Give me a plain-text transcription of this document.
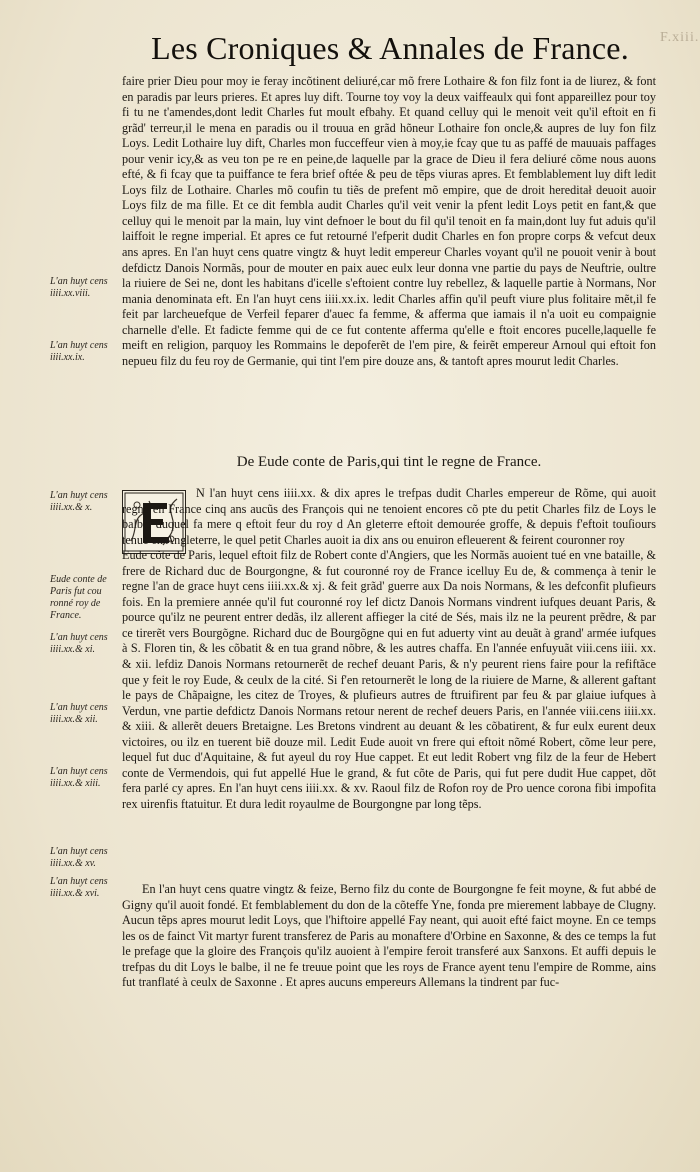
F.xiii.
Les Croniques & Annales de France.

faire prier Dieu pour moy ie feray incõtinent deliuré,car mõ frere Lothaire & fon filz font ia de liurez, & font en paradis par leurs prieres. Et apres luy dift. Tourne toy voy la deux vaiffeaulx qui font appareillez pour toy fi tu ne t'amendes,dont ledit Charles fut moult efbahy. Et quand celluy qui le menoit veit qu'il eftoit en fi grãd' terreur,il le mena en paradis ou il trouua en grãd hõneur Lothaire fon oncle,& aupres de luy fon filz Loys. Ledit Lothaire luy dift, Charles mon fucceffeur vien à moy,ie fcay que tu as paffé de mauuais paffages pour venir icy,& as veu ton pe re en peine,de laquelle par la grace de Dieu il fera deliuré cõme nous auons efté, & fi fcay que ta puiffance te fera brief oftée & peu de tẽps viuras apres. Et femblablement luy dift ledit Loys filz de Lothaire. Charles mõ coufin tu tiẽs de prefent mõ empire, que de droit hereditał deuoit auoir Loys filz de ma fille. Et ce dit fembla audit Charles qu'il veit venir la pfent ledit Loys petit en fant,& que celluy qui le menoit par la main, luy vint defnoer le bout du fil qu'il tenoit en fa main,dont luy fut aduis qu'il laiffoit le regne imperial. Et apres ce fut retourné l'efperit dudit Charles en fon propre corps & vefcut deux ans apres. En l'an huyt cens quatre vingtz & huyt ledit empereur Charles voyant qu'il ne pouoit venir à bout defdictz Danois Normãs, pour de mouter en paix auec eulx leur donna vne partie du pays de Neuftrie, oultre la riuiere de Sei ne, dont les habitans d'icelle s'eftoient contre luy rebellez, & laquelle partie à Normans, Nor mania denominata eft. En l'an huyt cens iiii.xx.ix. ledit Charles affin qu'il peuft viure plus folitaire mẽt,il fe feit par larcheuefque de Verfeil feparer d'auec fa femme, & afferma que iamais il n'a uoit eu compaignie charnelle d'elle. Et fadicte femme qui de ce fut contente afferma qu'elle e ftoit encores pucelle,laquelle fe meift en religion, parquoy les Rommains le depoferẽt de l'em pire, & feirẽt empereur Arnoul qui eftoit fon nepueu filz du feu roy de Germanie, qui tint l'em pire douze ans, & tantoft apres mourut ledit Charles.

De Eude conte de Paris,qui tint le regne de France.

N l'an huyt cens iiii.xx. & dix apres le trefpas dudit Charles empereur de Rõme, qui auoit regné en France cinq ans aucũs des François qui ne tenoient encores cõ pte du petit Charles filz de Loys le balbe, duquel fa mere q eftoit feur du roy d An gleterre eftoit demourée groffe, & depuis f'eftoit touſiours tenue en Angleterre, le quel petit Charles auoit ia dix ans ou enuiron efleuerent & feirent couronner roy

Eude cõte de Paris, lequel eftoit filz de Robert conte d'Angiers, que les Normãs auoient tué en vne bataille, & frere de Richard duc de Bourgongne, & fut couronné roy de France icelluy Eu de, & commença à tenir le regne l'an de grace huyt cens iiii.xx.& xj. & feit grãd' guerre aux Da nois Normans, & les defconfit plufieurs fois. En la premiere année qu'il fut couronné roy lef dictz Danois Normans vindrent iufques deuant Paris, & pource qu'ilz ne peurent entrer dedãs, ilz allerent affieger la cité de Sés, mais ilz ne la peurent prẽdre, & par ce tirerẽt vers Bourgõgne. Richard duc de Bourgõgne qui en fut aduerty vint au deuãt à grand' armée iufques à S. Floren tin, & les cõbatit & en tua grand nõbre, & les autres chaffa. En l'année enfuyuãt viii.cens iiii. xx. & xii. lefdiz Danois Normans retournerẽt de rechef deuant Paris, & n'y peurent riens faire pour la refiftãce que y feit le roy Eude, & ceulx de la cité. Si f'en retournerẽt le long de la riuiere de Marne, & allerent gaftant le pays de Chãpaigne, les citez de Troyes, & plufieurs autres de ftruifirent par feu & par glaiue iufques à Verdun, vne partie defdictz Danois Normans retour nerent de rechef deuers Paris, en l'année viii.cens iiii.xx. & xiii. & allerẽt deuers Bretaigne. Les Bretons vindrent au deuant & les cõbatirent, & fur eulx eurent deux victoires, ou ilz en tuerent biẽ douze mil. Ledit Eude auoit vn frere qui eftoit nõmé Robert, cõme leur pere, lequel fut duc d'Aquitaine, & fut ayeul du roy Hue cappet. Et eut ledit Robert vng filz de la feur de Hebert conte de Vermendois, qui fut appellé Hue le grand, & fut cõte de Paris, qui fut pere dudit Hue cappet, dõt fera parlé cy apres. En l'an huyt cens iiii.xx. & xv. Raoul filz de Rofon roy de Pro uence corona fibi impofita rex uirenfis ftatuitur. Et dura ledit royaulme de Bourgongne par long tẽps.

En l'an huyt cens quatre vingtz & feize, Berno filz du conte de Bourgongne fe feit moyne, & fut abbé de Gigny qu'il auoit fondé. Et femblablement du don de la cõteffe Yne, fonda pre mierement labbaye de Clugny. Aucun tẽps apres mourut ledit Loys, que l'hiftoire appellé Fay neant, qui auoit efté faict moyne. En ce temps les os de fainct Vit martyr furent transferez de Paris au monaftere d'Orbine en Saxonne, & des ce temps la fut le prefage que la gloire des François qu'ilz auoient à l'empire feroit transferé aux Sanxons. Et auffi depuis le trefpas du dit Loys le balbe, il ne fe treuue point que les roys de France ayent tenu l'empire de Romme, ains fut tranflaté à ceulx de Saxonne . Et apres aucuns empereurs Allemans la tindrent par fuc-
L'an huyt cens iiii.xx.viii.
L'an huyt cens iiii.xx.ix.
L'an huyt cens iiii.xx.& x.
Eude conte de Paris fut cou ronné roy de France.
L'an huyt cens iiii.xx.& xi.
L'an huyt cens iiii.xx.& xii.
L'an huyt cens iiii.xx.& xiii.
L'an huyt cens iiii.xx.& xv.
L'an huyt cens iiii.xx.& xvi.
